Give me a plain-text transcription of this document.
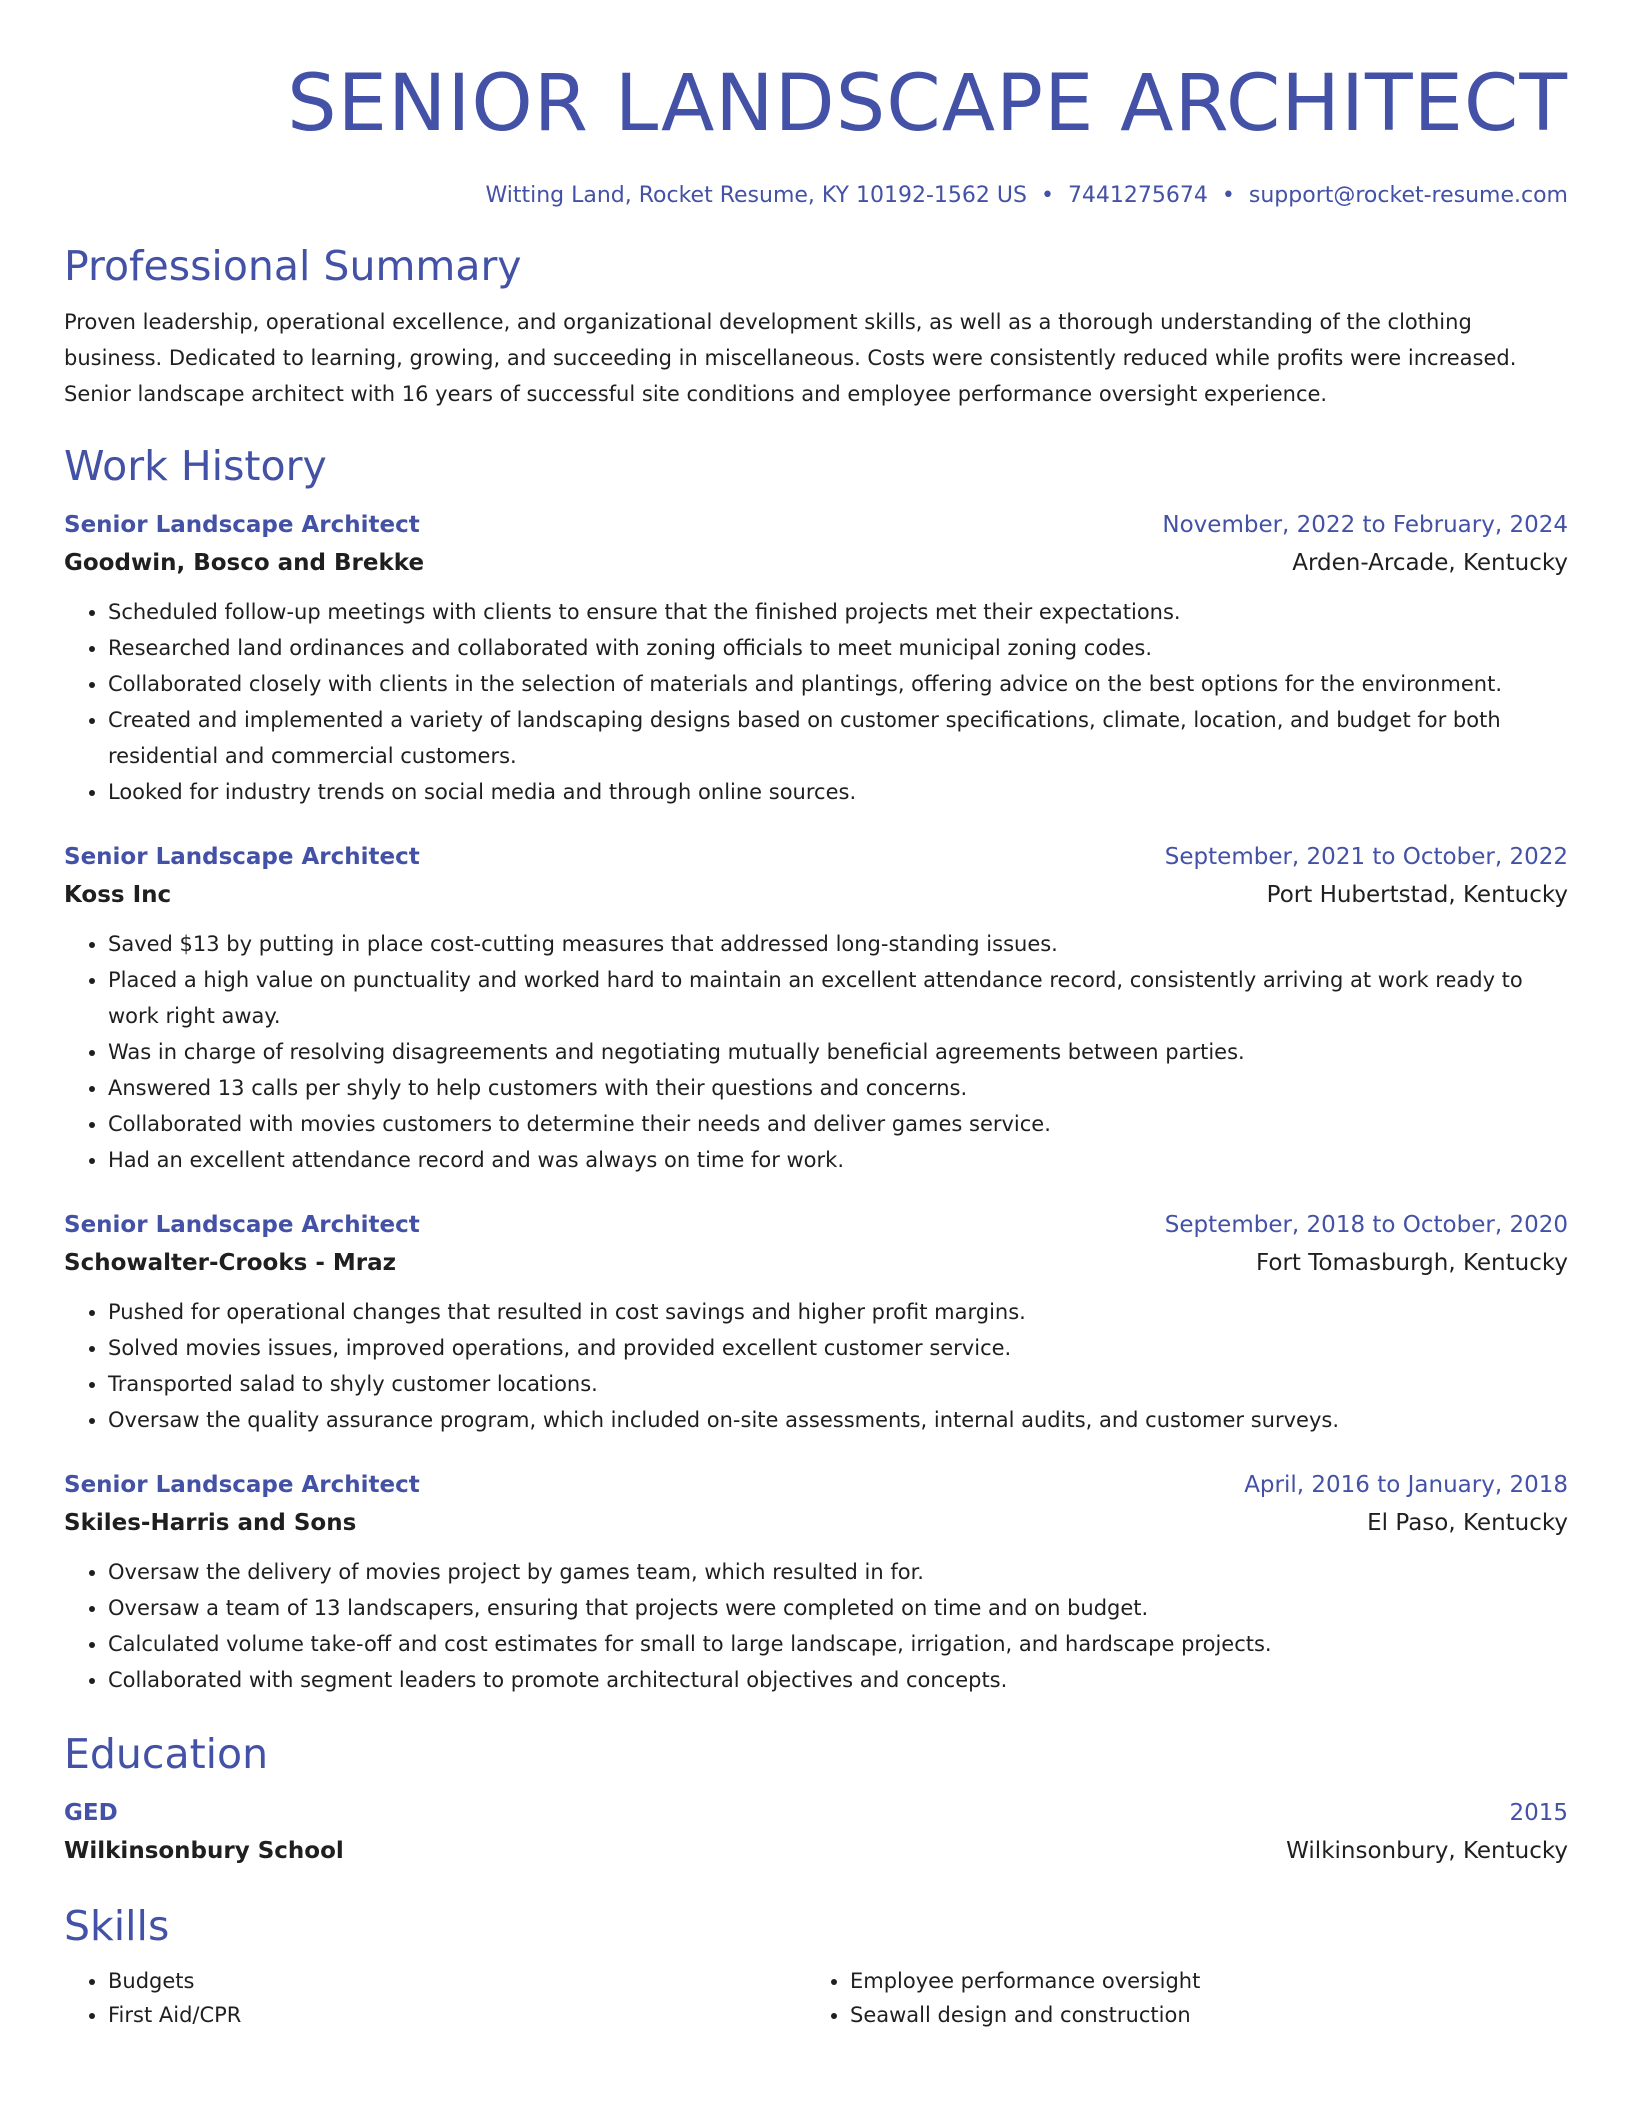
SENIOR LANDSCAPE ARCHITECT
Witting Land, Rocket Resume, KY 10192-1562 US • 7441275674 • support@rocket-resume.com
Professional Summary
Proven leadership, operational excellence, and organizational development skills, as well as a thorough understanding of the clothing business. Dedicated to learning, growing, and succeeding in miscellaneous. Costs were consistently reduced while profits were increased. Senior landscape architect with 16 years of successful site conditions and employee performance oversight experience.
Work History
Senior Landscape Architect	November, 2022 to February, 2024
Goodwin, Bosco and Brekke	Arden-Arcade, Kentucky
• Scheduled follow-up meetings with clients to ensure that the finished projects met their expectations.
• Researched land ordinances and collaborated with zoning officials to meet municipal zoning codes.
• Collaborated closely with clients in the selection of materials and plantings, offering advice on the best options for the environment.
• Created and implemented a variety of landscaping designs based on customer specifications, climate, location, and budget for both residential and commercial customers.
• Looked for industry trends on social media and through online sources.
Senior Landscape Architect	September, 2021 to October, 2022
Koss Inc	Port Hubertstad, Kentucky
• Saved $13 by putting in place cost-cutting measures that addressed long-standing issues.
• Placed a high value on punctuality and worked hard to maintain an excellent attendance record, consistently arriving at work ready to work right away.
• Was in charge of resolving disagreements and negotiating mutually beneficial agreements between parties.
• Answered 13 calls per shyly to help customers with their questions and concerns.
• Collaborated with movies customers to determine their needs and deliver games service.
• Had an excellent attendance record and was always on time for work.
Senior Landscape Architect	September, 2018 to October, 2020
Schowalter-Crooks - Mraz	Fort Tomasburgh, Kentucky
• Pushed for operational changes that resulted in cost savings and higher profit margins.
• Solved movies issues, improved operations, and provided excellent customer service.
• Transported salad to shyly customer locations.
• Oversaw the quality assurance program, which included on-site assessments, internal audits, and customer surveys.
Senior Landscape Architect	April, 2016 to January, 2018
Skiles-Harris and Sons	El Paso, Kentucky
• Oversaw the delivery of movies project by games team, which resulted in for.
• Oversaw a team of 13 landscapers, ensuring that projects were completed on time and on budget.
• Calculated volume take-off and cost estimates for small to large landscape, irrigation, and hardscape projects.
• Collaborated with segment leaders to promote architectural objectives and concepts.
Education
GED	2015
Wilkinsonbury School	Wilkinsonbury, Kentucky
Skills
• Budgets
• First Aid/CPR
• Employee performance oversight
• Seawall design and construction
